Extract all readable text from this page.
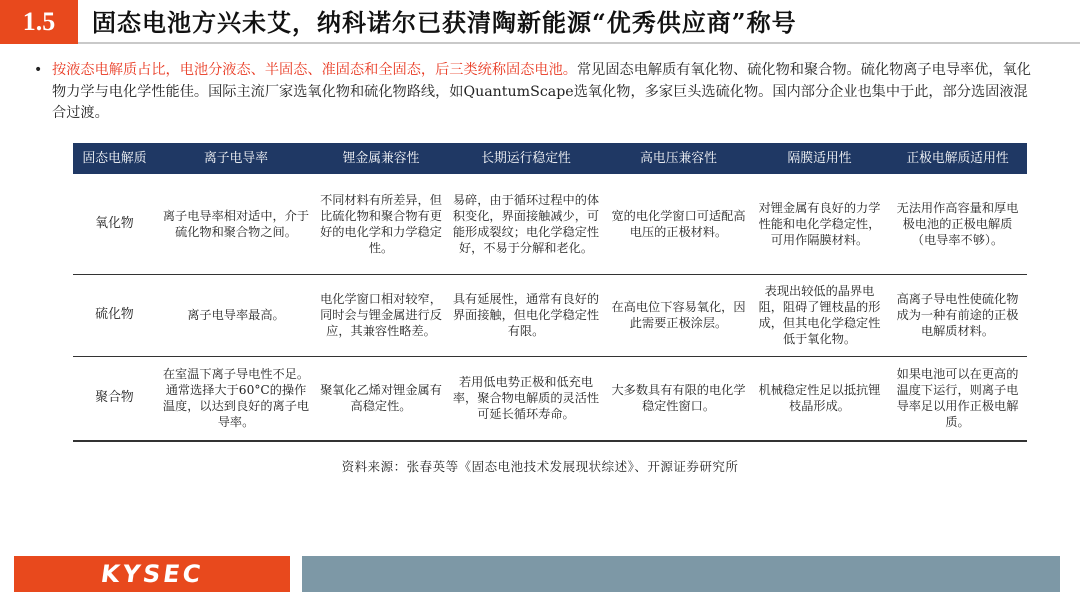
1.5	固态电池方兴未艾，纳科诺尔已获清陶新能源“优秀供应商”称号
• 按液态电解质占比，电池分液态、半固态、准固态和全固态，后三类统称固态电池。常见固态电解质有氧化物、硫化物和聚合物。硫化物离子电导率优，氧化物力学与电化学性能佳。国际主流厂家选氧化物和硫化物路线，如QuantumScape选氧化物，多家巨头选硫化物。国内部分企业也集中于此，部分选固液混合过渡。
固态电解质	离子电导率	锂金属兼容性	长期运行稳定性	高电压兼容性	隔膜适用性	正极电解质适用性
氧化物	离子电导率相对适中，介于硫化物和聚合物之间。	不同材料有所差异，但比硫化物和聚合物有更好的电化学和力学稳定性。	易碎，由于循环过程中的体积变化，界面接触减少，可能形成裂纹；电化学稳定性好，不易于分解和老化。	宽的电化学窗口可适配高电压的正极材料。	对锂金属有良好的力学性能和电化学稳定性，可用作隔膜材料。	无法用作高容量和厚电极电池的正极电解质（电导率不够）。
硫化物	离子电导率最高。	电化学窗口相对较窄，同时会与锂金属进行反应，其兼容性略差。	具有延展性，通常有良好的界面接触，但电化学稳定性有限。	在高电位下容易氧化，因此需要正极涂层。	表现出较低的晶界电阻，阻碍了锂枝晶的形成，但其电化学稳定性低于氧化物。	高离子导电性使硫化物成为一种有前途的正极电解质材料。
聚合物	在室温下离子导电性不足。通常选择大于60°C的操作温度，以达到良好的离子电导率。	聚氧化乙烯对锂金属有高稳定性。	若用低电势正极和低充电率，聚合物电解质的灵活性可延长循环寿命。	大多数具有有限的电化学稳定性窗口。	机械稳定性足以抵抗锂枝晶形成。	如果电池可以在更高的温度下运行，则离子电导率足以用作正极电解质。
资料来源：张春英等《固态电池技术发展现状综述》、开源证券研究所
KYSEC
